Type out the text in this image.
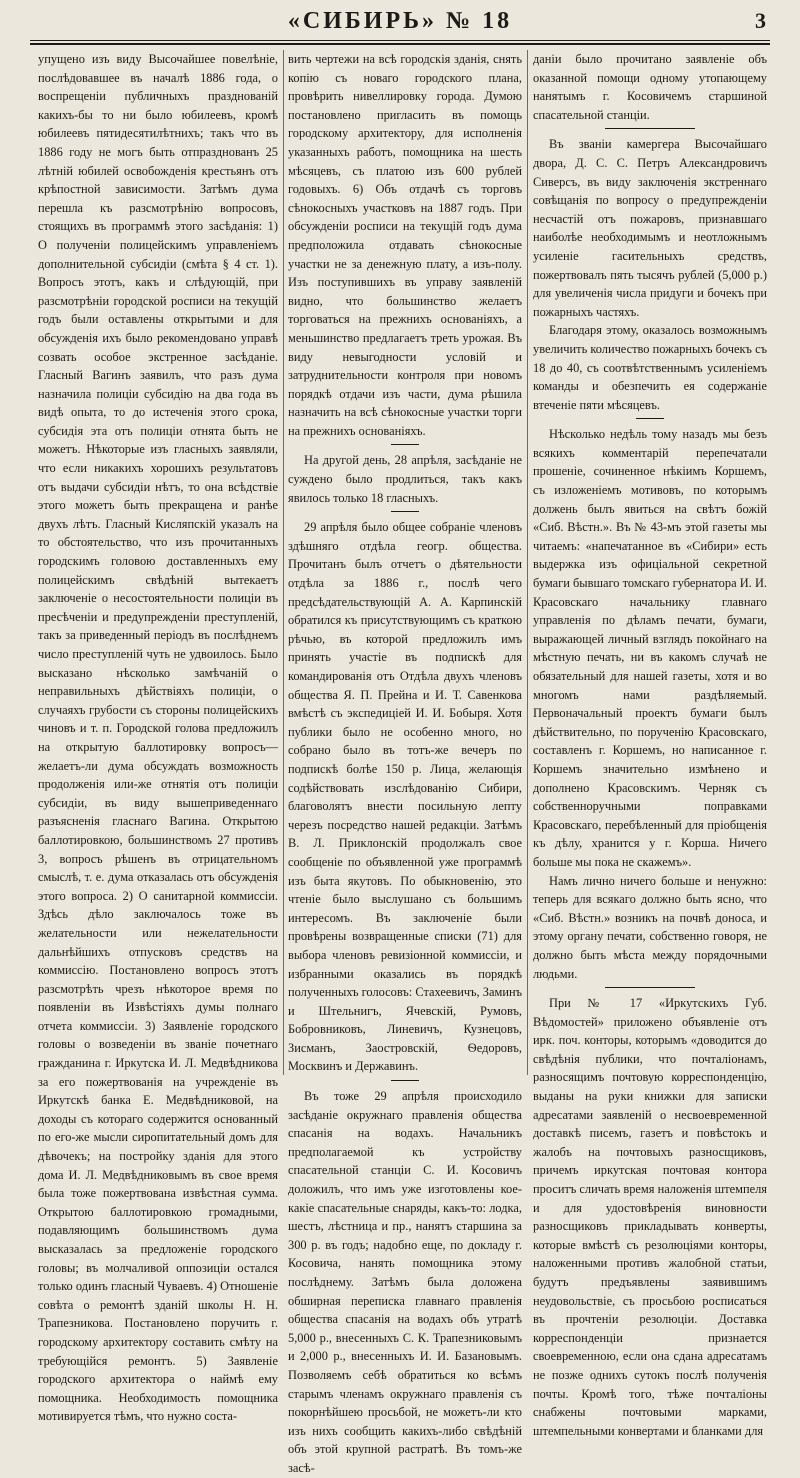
«СИБИРЬ» № 18	3

упущено изъ виду Высочайшее повелѣніе, послѣдовавшее въ началѣ 1886 года, о воспрещеніи публичныхъ празднованій какихъ-бы то ни было юбилеевъ, кромѣ юбилеевъ пятидесятилѣтнихъ; такъ что въ 1886 году не могъ быть отпразднованъ 25 лѣтній юбилей освобожденія крестьянъ отъ крѣпостной зависимости. Затѣмъ дума перешла къ разсмотрѣнію вопросовъ, стоящихъ въ программѣ этого засѣданія: 1) О полученіи полицейскимъ управленіемъ дополнительной субсидіи (смѣта § 4 ст. 1). Вопросъ этотъ, какъ и слѣдующій, при разсмотрѣніи городской росписи на текущій годъ были оставлены открытыми и для обсужденія ихъ было рекомендовано управѣ созвать особое экстренное засѣданіе. Гласный Вагинъ заявилъ, что разъ дума назначила полиціи субсидію на два года въ видѣ опыта, то до истеченія этого срока, субсидія эта отъ полиціи отнята быть не можетъ. Нѣкоторые изъ гласныхъ заявляли, что если никакихъ хорошихъ результатовъ отъ выдачи субсидіи нѣтъ, то она всѣдствіе этого можетъ быть прекращена и ранѣе двухъ лѣтъ. Гласный Кисляпскій указалъ на то обстоятельство, что изъ прочитанныхъ городскимъ головою доставленныхъ ему полицейскимъ свѣдѣній вытекаетъ заключеніе о несостоятельности полиціи въ пресѣченіи и предупрежденіи преступленій, такъ за приведенный періодъ въ послѣднемъ число преступленій чуть не удвоилось. Было высказано нѣсколько замѣчаній о неправильныхъ дѣйствіяхъ полиціи, о случаяхъ грубости съ стороны полицейскихъ чиновъ и т. п. Городской голова предложилъ на открытую баллотировку вопросъ—желаетъ-ли дума обсуждать возможность продолженія или-же отнятія отъ полиціи субсидіи, въ виду вышеприведеннаго разъясненія гласнаго Вагина. Открытою баллотировкою, большинствомъ 27 противъ 3, вопросъ рѣшенъ въ отрицательномъ смыслѣ, т. е. дума отказалась отъ обсужденія этого вопроса. 2) О санитарной коммиссіи. Здѣсь дѣло заключалось тоже въ желательности или нежелательности дальнѣйшихъ отпусковъ средствъ на коммиссію. Постановлено вопросъ этотъ разсмотрѣть чрезъ нѣкоторое время по появленіи въ Извѣстіяхъ думы полнаго отчета коммиссіи. 3) Заявленіе городского головы о возведеніи въ званіе почетнаго гражданина г. Иркутска И. Л. Медвѣдникова за его пожертвованія на учрежденіе въ Иркутскѣ банка Е. Медвѣдниковой, на доходы съ котораго содержится основанный по его-же мысли сиропитательный домъ для дѣвочекъ; на постройку зданія для этого дома И. Л. Медвѣдниковымъ въ свое время была тоже пожертвована извѣстная сумма. Открытою баллотировкою громадными, подавляющимъ большинствомъ дума высказалась за предложеніе городского головы; въ молчаливой оппозиціи остался только одинъ гласный Чуваевъ. 4) Отношеніе совѣта о ремонтѣ зданій школы Н. Н. Трапезникова. Постановлено поручить г. городскому архитектору составить смѣту на требующійся ремонтъ. 5) Заявленіе городского архитектора о наймѣ ему помощника. Необходимость помощника мотивируется тѣмъ, что нужно соста-

вить чертежи на всѣ городскія зданія, снять копію съ новаго городского плана, провѣрить нивеллировку города. Думою постановлено пригласить въ помощь городскому архитектору, для исполненія указанныхъ работъ, помощника на шесть мѣсяцевъ, съ платою изъ 600 рублей годовыхъ. 6) Объ отдачѣ съ торговъ сѣнокосныхъ участковъ на 1887 годъ. При обсужденіи росписи на текущій годъ дума предположила отдавать сѣнокосные участки не за денежную плату, а изъ-полу. Изъ поступившихъ въ управу заявленій видно, что большинство желаетъ торговаться на прежнихъ основаніяхъ, а меньшинство предлагаетъ треть урожая. Въ виду невыгодности условій и затруднительности контроля при новомъ порядкѣ отдачи изъ части, дума рѣшила назначить на всѣ сѣнокосные участки торги на прежнихъ основаніяхъ.

На другой день, 28 апрѣля, засѣданіе не суждено было продлиться, такъ какъ явилось только 18 гласныхъ.

29 апрѣля было общее собраніе членовъ здѣшняго отдѣла геогр. общества. Прочитанъ былъ отчетъ о дѣятельности отдѣла за 1886 г., послѣ чего предсѣдательствующій А. А. Карпинскій обратился къ присутствующимъ съ краткою рѣчью, въ которой предложилъ имъ принять участіе въ подпискѣ для командированія отъ Отдѣла двухъ членовъ общества Я. П. Прейна и И. Т. Савенкова вмѣстѣ съ экспедиціей И. И. Бобыря. Хотя публики было не особенно много, но собрано было въ тотъ-же вечеръ по подпискѣ болѣе 150 р. Лица, желающія содѣйствовать изслѣдованію Сибири, благоволятъ внести посильную лепту черезъ посредство нашей редакціи. Затѣмъ В. Л. Приклонскій продолжалъ свое сообщеніе по объявленной уже программѣ изъ быта якутовъ. По обыкновенію, это чтеніе было выслушано съ большимъ интересомъ. Въ заключеніе были провѣрены возвращенные списки (71) для выбора членовъ ревизіонной коммиссіи, и избранными оказались въ порядкѣ полученныхъ голосовъ: Стахеевичъ, Заминъ и Штельнигъ, Ячевскій, Румовъ, Бобровниковъ, Линевичъ, Кузнецовъ, Зисманъ, Заостровскій, Ѳедоровъ, Москвинъ и Державинъ.

Въ тоже 29 апрѣля происходило засѣданіе окружнаго правленія общества спасанія на водахъ. Начальникъ предполагаемой къ устройству спасательной станціи С. И. Косовичъ доложилъ, что имъ уже изготовлены кое-какіе спасательные снаряды, какъ-то: лодка, шестъ, лѣстница и пр., нанятъ старшина за 300 р. въ годъ; надобно еще, по докладу г. Косовича, нанять помощника этому послѣднему. Затѣмъ была доложена обширная переписка главнаго правленія общества спасанія на водахъ объ утратѣ 5,000 р., внесенныхъ С. К. Трапезниковымъ и 2,000 р., внесенныхъ И. И. Базановымъ. Позволяемъ себѣ обратиться ко всѣмъ старымъ членамъ окружнаго правленія съ покорнѣйшею просьбой, не можетъ-ли кто изъ нихъ сообщить какихъ-либо свѣдѣній объ этой крупной растратѣ. Въ томъ-же засѣ-

даніи было прочитано заявленіе объ оказанной помощи одному утопающему нанятымъ г. Косовичемъ старшиной спасательной станціи.

Въ званіи камергера Высочайшаго двора, Д. С. С. Петръ Александровичъ Сиверсъ, въ виду заключенія экстреннаго совѣщанія по вопросу о предупрежденіи несчастій отъ пожаровъ, признавшаго наиболѣе необходимымъ и неотложнымъ усиленіе гасительныхъ средствъ, пожертвовалъ пять тысячъ рублей (5,000 р.) для увеличенія числа придуги и бочекъ при пожарныхъ частяхъ.

Благодаря этому, оказалось возможнымъ увеличить количество пожарныхъ бочекъ съ 18 до 40, съ соотвѣтственнымъ усиленіемъ команды и обезпечить ея содержаніе втеченіе пяти мѣсяцевъ.

Нѣсколько недѣль тому назадъ мы безъ всякихъ комментарій перепечатали прошеніе, сочиненное нѣкіимъ Коршемъ, съ изложеніемъ мотивовъ, по которымъ должень былъ явиться на свѣтъ божій «Сиб. Вѣстн.». Въ № 43-мъ этой газеты мы читаемъ: «напечатанное въ «Сибири» есть выдержка изъ офиціальной секретной бумаги бывшаго томскаго губернатора И. И. Красовскаго начальнику главнаго управленія по дѣламъ печати, бумаги, выражающей личный взглядъ покойнаго на мѣстную печать, ни въ какомъ случаѣ не обязательный для нашей газеты, хотя и во многомъ нами раздѣляемый. Первоначальный проектъ бумаги былъ дѣйствительно, по порученію Красовскаго, составленъ г. Коршемъ, но написанное г. Коршемъ значительно измѣнено и дополнено Красовскимъ. Черняк съ собственноручными поправками Красовскаго, перебѣленный для пріобщенія къ дѣлу, хранится у г. Корша. Ничего больше мы пока не скажемъ».

Намъ лично ничего больше и ненужно: теперь для всякаго должно быть ясно, что «Сиб. Вѣстн.» возникъ на почвѣ доноса, и этому органу печати, собственно говоря, не должно быть мѣста между порядочными людьми.

При № 17 «Иркутскихъ Губ. Вѣдомостей» приложено объявленіе отъ ирк. поч. конторы, которымъ «доводится до свѣдѣнія публики, что почталіонамъ, разносящимъ почтовую корреспонденцію, выданы на руки книжки для записки адресатами заявленій о несвоевременной доставкѣ писемъ, газетъ и повѣстокъ и жалобъ на почтовыхъ разносщиковъ, причемъ иркутская почтовая контора проситъ сличать время наложенія штемпеля и для удостовѣренія виновности разносщиковъ прикладывать конверты, которые вмѣстѣ съ резолюціями конторы, наложенными противъ жалобной статьи, будутъ предъявлены заявившимъ неудовольствіе, съ просьбою росписаться въ прочтеніи резолюціи. Доставка корреспонденціи признается своевременною, если она сдана адресатамъ не позже однихъ сутокъ послѣ полученія почты. Кромѣ того, тѣже почталіоны снабжены почтовыми марками, штемпельными конвертами и бланками для
